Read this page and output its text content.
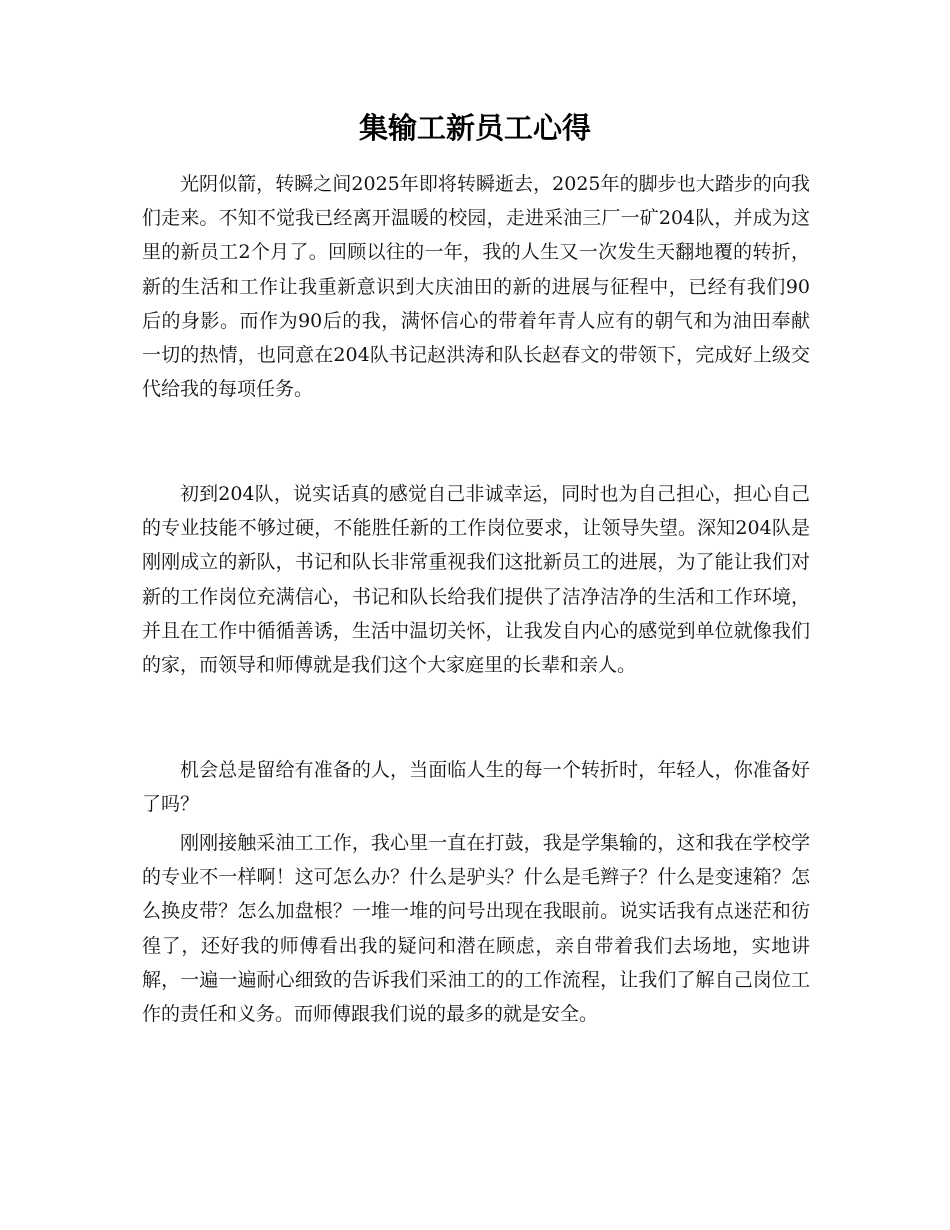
集输工新员工心得

光阴似箭，转瞬之间2025年即将转瞬逝去，2025年的脚步也大踏步的向我们走来。不知不觉我已经离开温暖的校园，走进采油三厂一矿204队，并成为这里的新员工2个月了。回顾以往的一年，我的人生又一次发生天翻地覆的转折，新的生活和工作让我重新意识到大庆油田的新的进展与征程中，已经有我们90后的身影。而作为90后的我，满怀信心的带着年青人应有的朝气和为油田奉献一切的热情，也同意在204队书记赵洪涛和队长赵春文的带领下，完成好上级交代给我的每项任务。

初到204队，说实话真的感觉自己非诚幸运，同时也为自己担心，担心自己的专业技能不够过硬，不能胜任新的工作岗位要求，让领导失望。深知204队是刚刚成立的新队，书记和队长非常重视我们这批新员工的进展，为了能让我们对新的工作岗位充满信心，书记和队长给我们提供了洁净洁净的生活和工作环境，并且在工作中循循善诱，生活中温切关怀，让我发自内心的感觉到单位就像我们的家，而领导和师傅就是我们这个大家庭里的长辈和亲人。

机会总是留给有准备的人，当面临人生的每一个转折时，年轻人，你准备好了吗？

刚刚接触采油工工作，我心里一直在打鼓，我是学集输的，这和我在学校学的专业不一样啊！这可怎么办？什么是驴头？什么是毛辫子？什么是变速箱？怎么换皮带？怎么加盘根？一堆一堆的问号出现在我眼前。说实话我有点迷茫和彷徨了，还好我的师傅看出我的疑问和潜在顾虑，亲自带着我们去场地，实地讲解，一遍一遍耐心细致的告诉我们采油工的的工作流程，让我们了解自己岗位工作的责任和义务。而师傅跟我们说的最多的就是安全。
